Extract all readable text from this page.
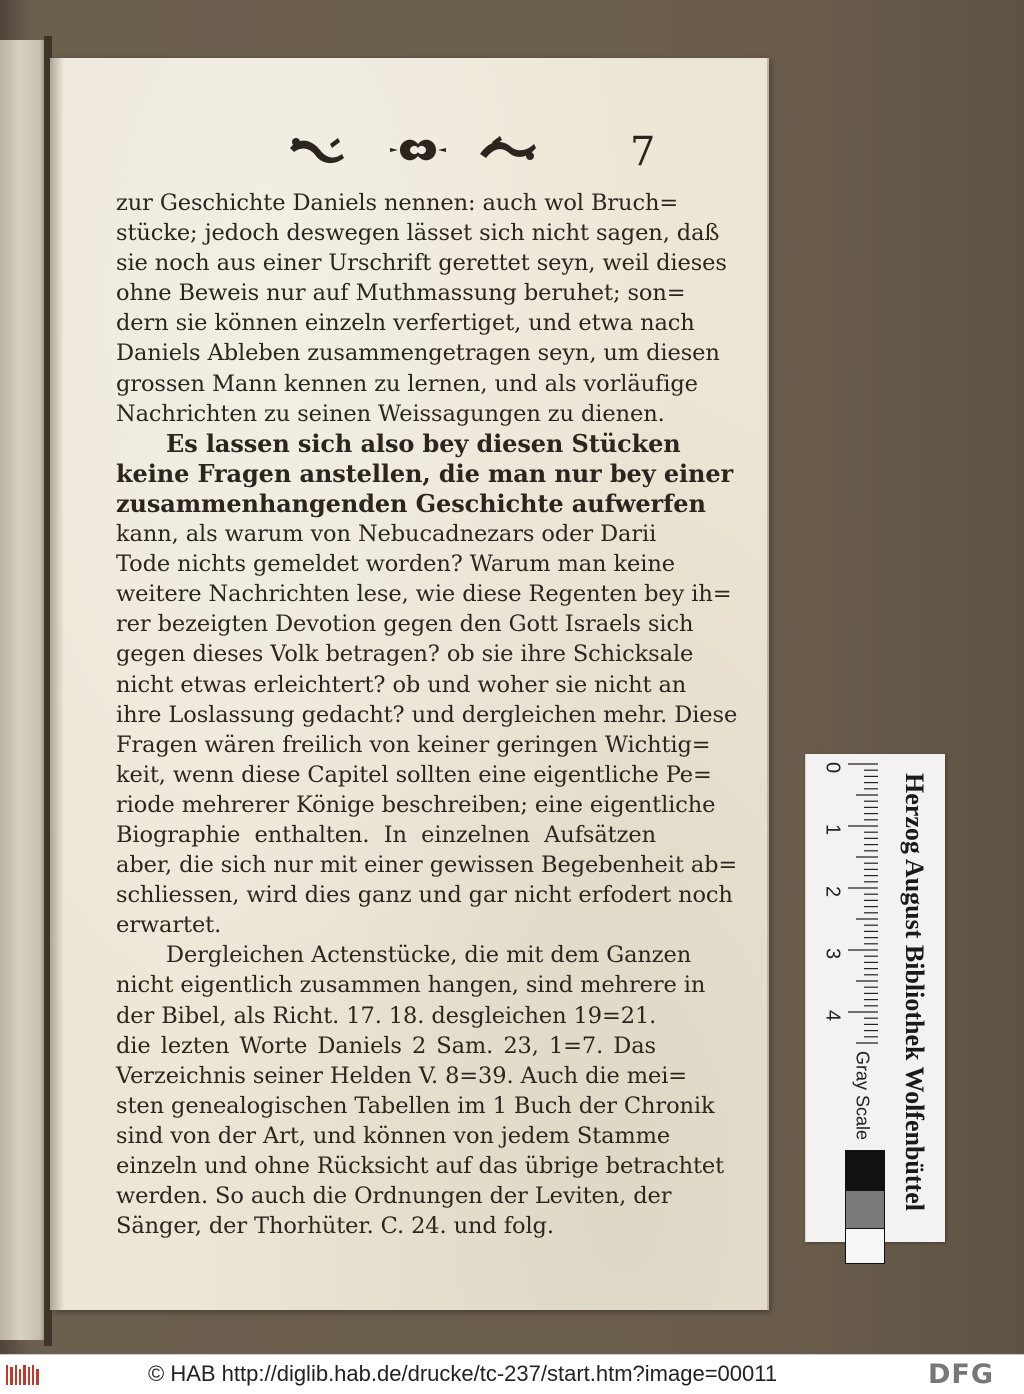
7
zur Geschichte Daniels nennen: auch wol Bruch=
stücke; jedoch deswegen lässet sich nicht sagen, daß
sie noch aus einer Urschrift gerettet seyn, weil dieses
ohne Beweis nur auf Muthmassung beruhet; son=
dern sie können einzeln verfertiget, und etwa nach
Daniels Ableben zusammengetragen seyn, um diesen
grossen Mann kennen zu lernen, und als vorläufige
Nachrichten zu seinen Weissagungen zu dienen.
Es lassen sich also bey diesen Stücken
keine Fragen anstellen, die man nur bey einer
zusammenhangenden Geschichte aufwerfen
kann, als warum von Nebucadnezars oder Darii
Tode nichts gemeldet worden? Warum man keine
weitere Nachrichten lese, wie diese Regenten bey ih=
rer bezeigten Devotion gegen den Gott Israels sich
gegen dieses Volk betragen? ob sie ihre Schicksale
nicht etwas erleichtert? ob und woher sie nicht an
ihre Loslassung gedacht? und dergleichen mehr. Diese
Fragen wären freilich von keiner geringen Wichtig=
keit, wenn diese Capitel sollten eine eigentliche Pe=
riode mehrerer Könige beschreiben; eine eigentliche
Biographie enthalten. In einzelnen Aufsätzen
aber, die sich nur mit einer gewissen Begebenheit ab=
schliessen, wird dies ganz und gar nicht erfodert noch
erwartet.
Dergleichen Actenstücke, die mit dem Ganzen
nicht eigentlich zusammen hangen, sind mehrere in
der Bibel, als Richt. 17. 18. desgleichen 19=21.
die lezten Worte Daniels 2 Sam. 23, 1=7. Das
Verzeichnis seiner Helden V. 8=39. Auch die mei=
sten genealogischen Tabellen im 1 Buch der Chronik
sind von der Art, und können von jedem Stamme
einzeln und ohne Rücksicht auf das übrige betrachtet
werden. So auch die Ordnungen der Leviten, der
Sänger, der Thorhüter. C. 24. und folg.
0
1
2
3
4 Herzog August Bibliothek Wolfenbüttel
Gray Scale
© HAB http://diglib.hab.de/drucke/tc-237/start.htm?image=00011	DFG
